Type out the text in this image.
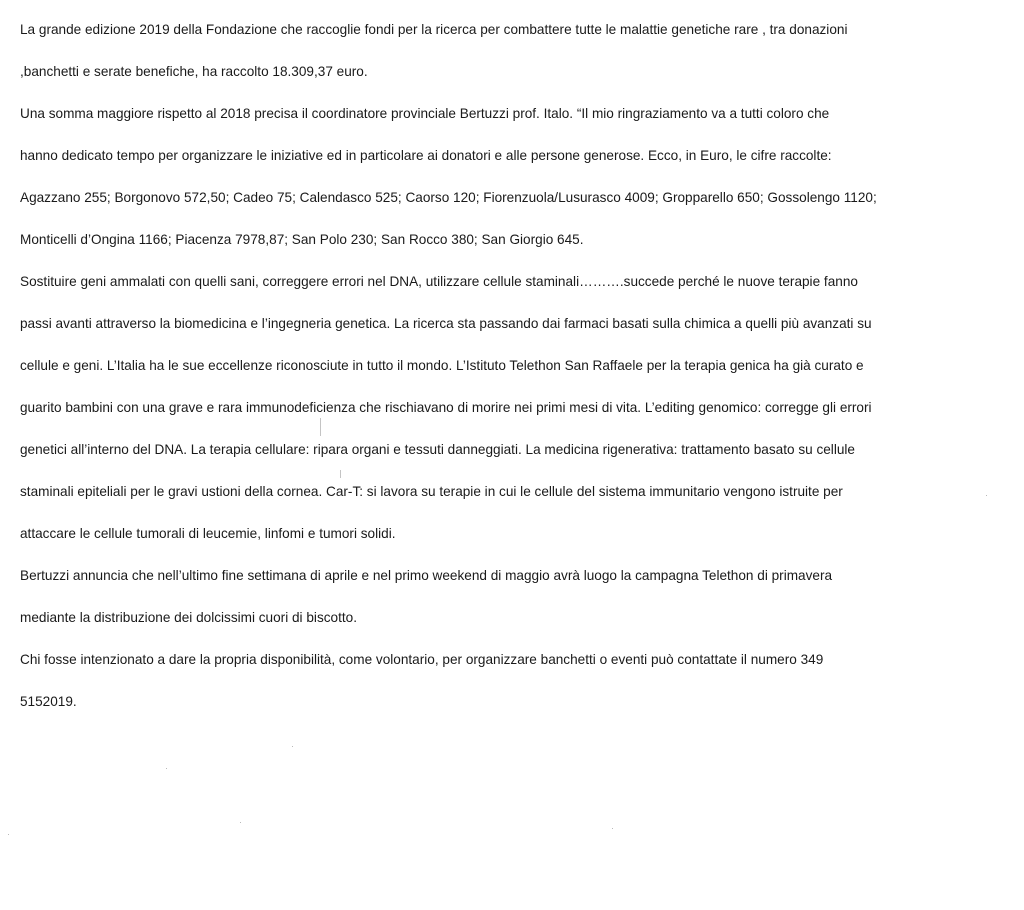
La grande edizione 2019 della Fondazione che raccoglie fondi per la ricerca per combattere tutte le malattie genetiche rare , tra donazioni

,banchetti e serate benefiche, ha raccolto 18.309,37 euro.

Una somma maggiore rispetto al 2018 precisa il coordinatore provinciale Bertuzzi prof. Italo. “Il mio ringraziamento va a tutti coloro che

hanno dedicato tempo per organizzare le iniziative ed in particolare ai donatori e alle persone generose. Ecco, in Euro, le cifre raccolte:

Agazzano 255; Borgonovo 572,50; Cadeo 75; Calendasco 525; Caorso 120; Fiorenzuola/Lusurasco 4009; Gropparello 650; Gossolengo 1120;

Monticelli d’Ongina 1166; Piacenza 7978,87; San Polo 230; San Rocco 380; San Giorgio 645.

Sostituire geni ammalati con quelli sani, correggere errori nel DNA, utilizzare cellule staminali……….succede perché le nuove terapie fanno

passi avanti attraverso la biomedicina e l’ingegneria genetica. La ricerca sta passando dai farmaci basati sulla chimica a quelli più avanzati su

cellule e geni. L’Italia ha le sue eccellenze riconosciute in tutto il mondo. L’Istituto Telethon San Raffaele per la terapia genica ha già curato e

guarito bambini con una grave e rara immunodeficienza che rischiavano di morire nei primi mesi di vita. L’editing genomico: corregge gli errori

genetici all’interno del DNA. La terapia cellulare: ripara organi e tessuti danneggiati. La medicina rigenerativa: trattamento basato su cellule

staminali epiteliali per le gravi ustioni della cornea. Car-T: si lavora su terapie in cui le cellule del sistema immunitario vengono istruite per

attaccare le cellule tumorali di leucemie, linfomi e tumori solidi.

Bertuzzi annuncia che nell’ultimo fine settimana di aprile e nel primo weekend di maggio avrà luogo la campagna Telethon di primavera

mediante la distribuzione dei dolcissimi cuori di biscotto.

Chi fosse intenzionato a dare la propria disponibilità, come volontario, per organizzare banchetti o eventi può contattate il numero 349

5152019.
